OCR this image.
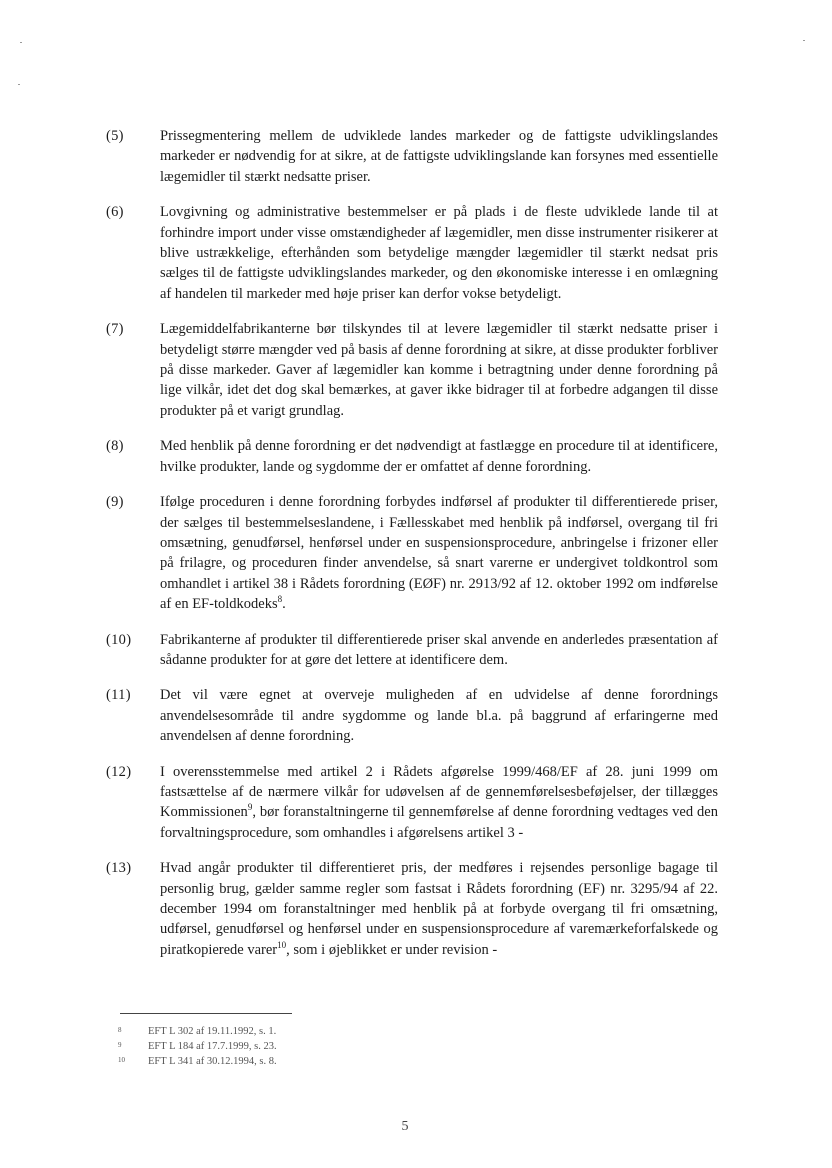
(5)	Prissegmentering mellem de udviklede landes markeder og de fattigste udviklingslandes markeder er nødvendig for at sikre, at de fattigste udviklingslande kan forsynes med essentielle lægemidler til stærkt nedsatte priser.
(6)	Lovgivning og administrative bestemmelser er på plads i de fleste udviklede lande til at forhindre import under visse omstændigheder af lægemidler, men disse instrumenter risikerer at blive ustrækkelige, efterhånden som betydelige mængder lægemidler til stærkt nedsat pris sælges til de fattigste udviklingslandes markeder, og den økonomiske interesse i en omlægning af handelen til markeder med høje priser kan derfor vokse betydeligt.
(7)	Lægemiddelfabrikanterne bør tilskyndes til at levere lægemidler til stærkt nedsatte priser i betydeligt større mængder ved på basis af denne forordning at sikre, at disse produkter forbliver på disse markeder. Gaver af lægemidler kan komme i betragtning under denne forordning på lige vilkår, idet det dog skal bemærkes, at gaver ikke bidrager til at forbedre adgangen til disse produkter på et varigt grundlag.
(8)	Med henblik på denne forordning er det nødvendigt at fastlægge en procedure til at identificere, hvilke produkter, lande og sygdomme der er omfattet af denne forordning.
(9)	Ifølge proceduren i denne forordning forbydes indførsel af produkter til differentierede priser, der sælges til bestemmelseslandene, i Fællesskabet med henblik på indførsel, overgang til fri omsætning, genudførsel, henførsel under en suspensionsprocedure, anbringelse i frizoner eller på frilagre, og proceduren finder anvendelse, så snart varerne er undergivet toldkontrol som omhandlet i artikel 38 i Rådets forordning (EØF) nr. 2913/92 af 12. oktober 1992 om indførelse af en EF-toldkodeks$^8$.
(10)	Fabrikanterne af produkter til differentierede priser skal anvende en anderledes præsentation af sådanne produkter for at gøre det lettere at identificere dem.
(11)	Det vil være egnet at overveje muligheden af en udvidelse af denne forordnings anvendelsesområde til andre sygdomme og lande bl.a. på baggrund af erfaringerne med anvendelsen af denne forordning.
(12)	I overensstemmelse med artikel 2 i Rådets afgørelse 1999/468/EF af 28. juni 1999 om fastsættelse af de nærmere vilkår for udøvelsen af de gennemførelsesbeføjelser, der tillægges Kommissionen$^9$, bør foranstaltningerne til gennemførelse af denne forordning vedtages ved den forvaltningsprocedure, som omhandles i afgørelsens artikel 3 -
(13)	Hvad angår produkter til differentieret pris, der medføres i rejsendes personlige bagage til personlig brug, gælder samme regler som fastsat i Rådets forordning (EF) nr. 3295/94 af 22. december 1994 om foranstaltninger med henblik på at forbyde overgang til fri omsætning, udførsel, genudførsel og henførsel under en suspensionsprocedure af varemærkeforfalskede og piratkopierede varer$^{10}$, som i øjeblikket er under revision -
8	EFT L 302 af 19.11.1992, s. 1.
9	EFT L 184 af 17.7.1999, s. 23.
10	EFT L 341 af 30.12.1994, s. 8.
5
